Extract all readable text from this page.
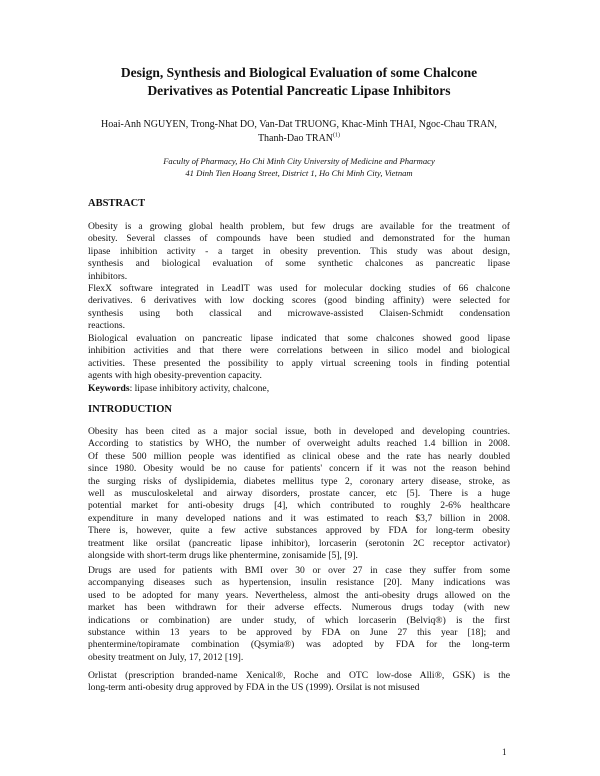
Design, Synthesis and Biological Evaluation of some Chalcone
Derivatives as Potential Pancreatic Lipase Inhibitors
Hoai-Anh NGUYEN, Trong-Nhat DO, Van-Dat TRUONG, Khac-Minh THAI, Ngoc-Chau TRAN,
Thanh-Dao TRAN$^{(1)}$
Faculty of Pharmacy, Ho Chi Minh City University of Medicine and Pharmacy
41 Dinh Tien Hoang Street, District 1, Ho Chi Minh City, Vietnam
ABSTRACT
Obesity is a growing global health problem, but few drugs are available for the treatment of
obesity. Several classes of compounds have been studied and demonstrated for the human
lipase inhibition activity - a target in obesity prevention. This study was about design,
synthesis and biological evaluation of some synthetic chalcones as pancreatic lipase
inhibitors.
FlexX software integrated in LeadIT was used for molecular docking studies of 66 chalcone
derivatives. 6 derivatives with low docking scores (good binding affinity) were selected for
synthesis using both classical and microwave-assisted Claisen-Schmidt condensation
reactions.
Biological evaluation on pancreatic lipase indicated that some chalcones showed good lipase
inhibition activities and that there were correlations between in silico model and biological
activities. These presented the possibility to apply virtual screening tools in finding potential
agents with high obesity-prevention capacity.
Keywords: lipase inhibitory activity, chalcone,
INTRODUCTION
Obesity has been cited as a major social issue, both in developed and developing countries.
According to statistics by WHO, the number of overweight adults reached 1.4 billion in 2008.
Of these 500 million people was identified as clinical obese and the rate has nearly doubled
since 1980. Obesity would be no cause for patients' concern if it was not the reason behind
the surging risks of dyslipidemia, diabetes mellitus type 2, coronary artery disease, stroke, as
well as musculoskeletal and airway disorders, prostate cancer, etc [5]. There is a huge
potential market for anti-obesity drugs [4], which contributed to roughly 2-6% healthcare
expenditure in many developed nations and it was estimated to reach $3,7 billion in 2008.
There is, however, quite a few active substances approved by FDA for long-term obesity
treatment like orsilat (pancreatic lipase inhibitor), lorcaserin (serotonin 2C receptor activator)
alongside with short-term drugs like phentermine, zonisamide [5], [9].
Drugs are used for patients with BMI over 30 or over 27 in case they suffer from some
accompanying diseases such as hypertension, insulin resistance [20]. Many indications was
used to be adopted for many years. Nevertheless, almost the anti-obesity drugs allowed on the
market has been withdrawn for their adverse effects. Numerous drugs today (with new
indications or combination) are under study, of which lorcaserin (Belviq®) is the first
substance within 13 years to be approved by FDA on June 27 this year [18]; and
phentermine/topiramate combination (Qsymia®) was adopted by FDA for the long-term
obesity treatment on July, 17, 2012 [19].
Orlistat (prescription branded-name Xenical®, Roche and OTC low-dose Alli®, GSK) is the
long-term anti-obesity drug approved by FDA in the US (1999). Orsilat is not misused
1
